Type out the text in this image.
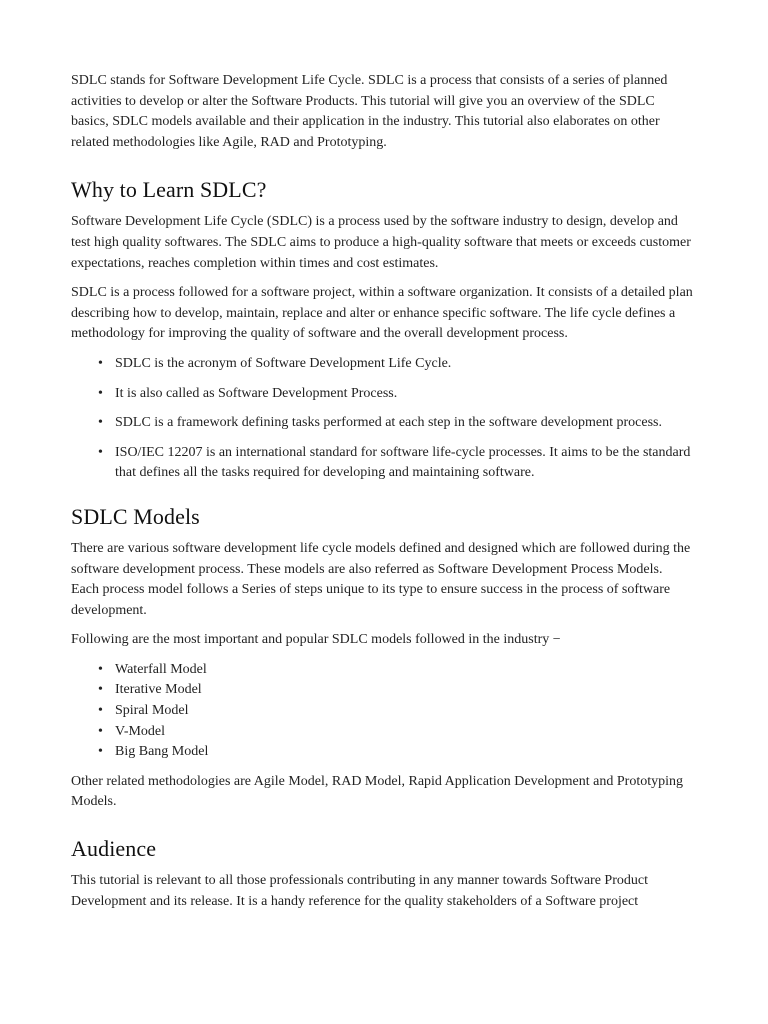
SDLC stands for Software Development Life Cycle. SDLC is a process that consists of a series of planned activities to develop or alter the Software Products. This tutorial will give you an overview of the SDLC basics, SDLC models available and their application in the industry. This tutorial also elaborates on other related methodologies like Agile, RAD and Prototyping.

Why to Learn SDLC?

Software Development Life Cycle (SDLC) is a process used by the software industry to design, develop and test high quality softwares. The SDLC aims to produce a high-quality software that meets or exceeds customer expectations, reaches completion within times and cost estimates.

SDLC is a process followed for a software project, within a software organization. It consists of a detailed plan describing how to develop, maintain, replace and alter or enhance specific software. The life cycle defines a methodology for improving the quality of software and the overall development process.

• SDLC is the acronym of Software Development Life Cycle.
• It is also called as Software Development Process.
• SDLC is a framework defining tasks performed at each step in the software development process.
• ISO/IEC 12207 is an international standard for software life-cycle processes. It aims to be the standard that defines all the tasks required for developing and maintaining software.
SDLC Models

There are various software development life cycle models defined and designed which are followed during the software development process. These models are also referred as Software Development Process Models. Each process model follows a Series of steps unique to its type to ensure success in the process of software development.

Following are the most important and popular SDLC models followed in the industry −

• Waterfall Model
• Iterative Model
• Spiral Model
• V-Model
• Big Bang Model

Other related methodologies are Agile Model, RAD Model, Rapid Application Development and Prototyping Models.

Audience

This tutorial is relevant to all those professionals contributing in any manner towards Software Product Development and its release. It is a handy reference for the quality stakeholders of a Software project
